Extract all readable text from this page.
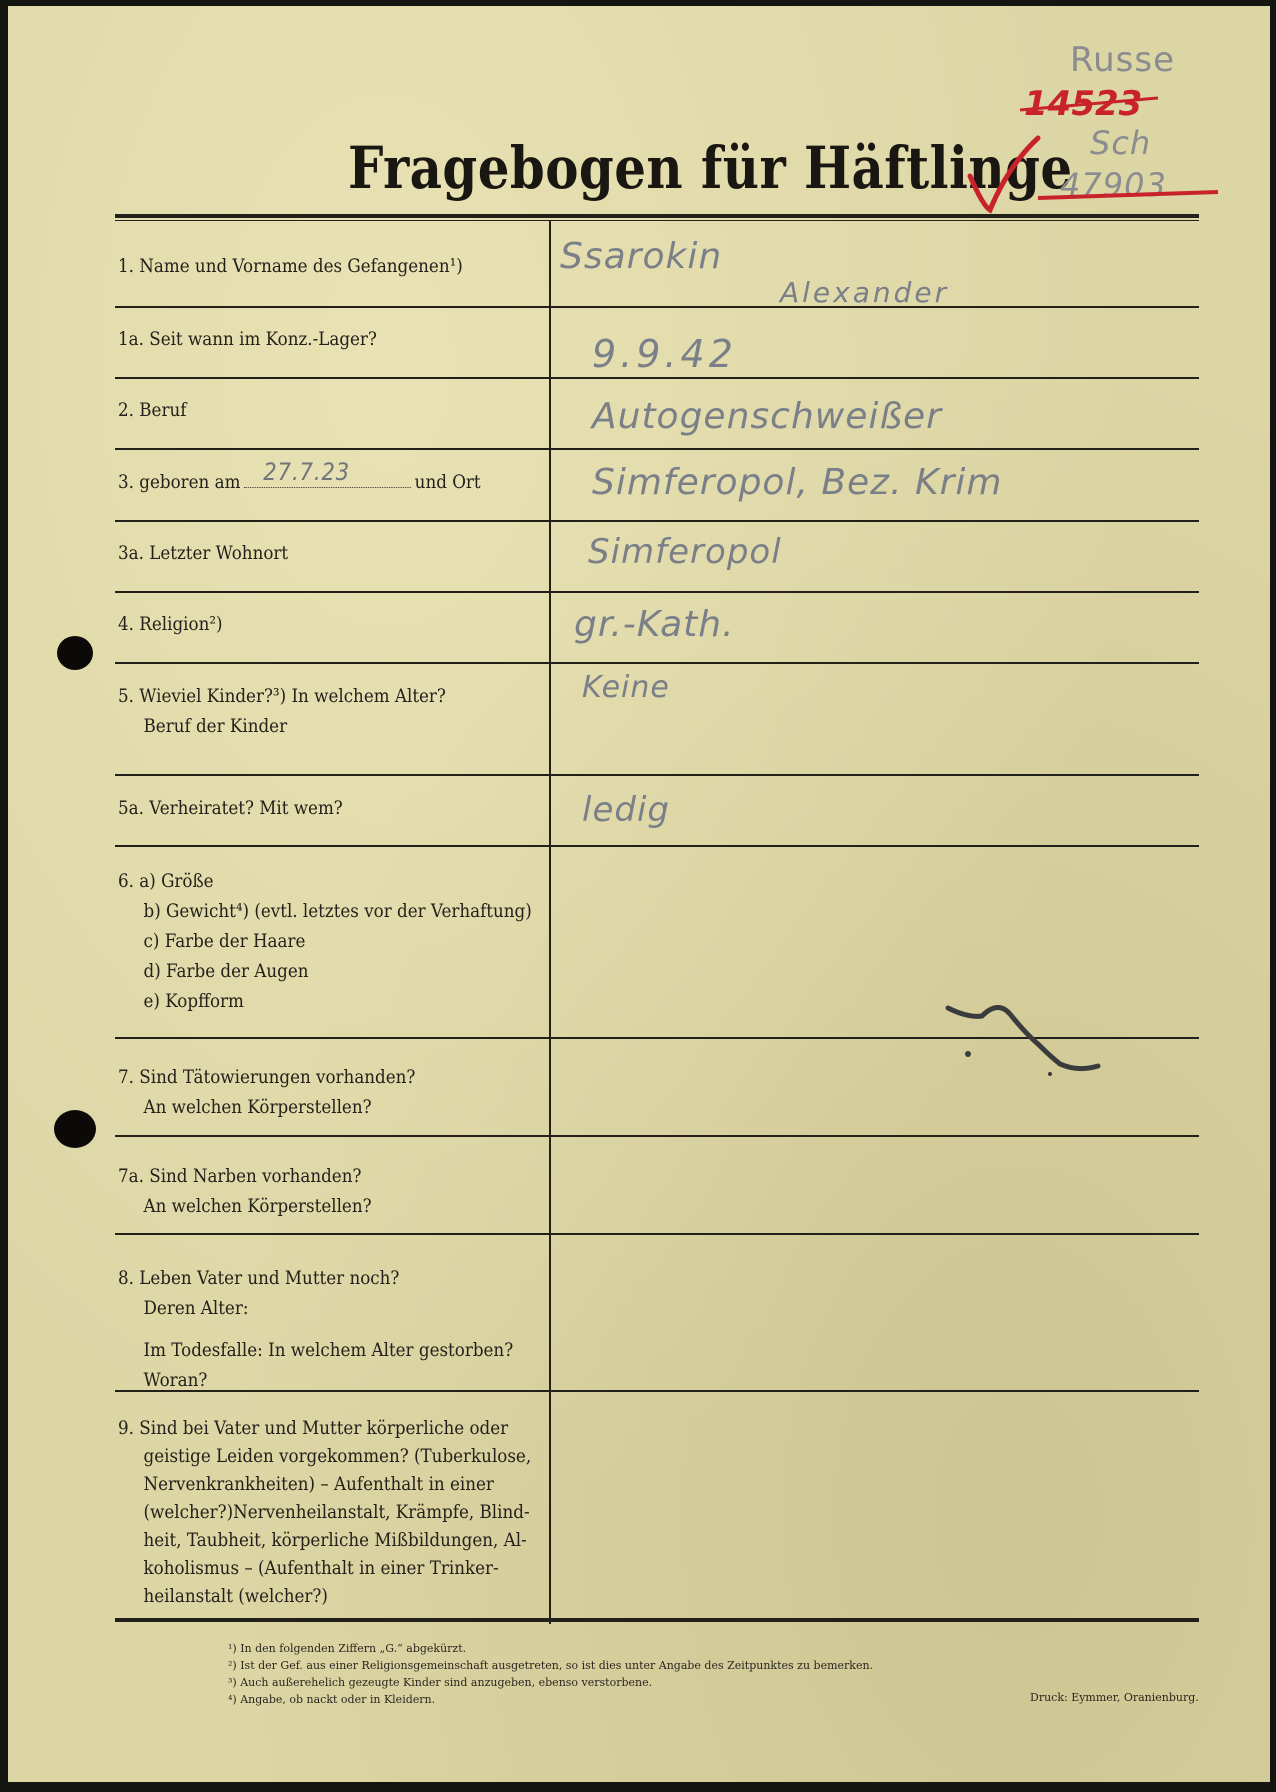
Fragebogen für Häftlinge
Russe
14523
Sch
47903
1. Name und Vorname des Gefangenen¹)
1a. Seit wann im Konz.-Lager?
2. Beruf
3. geboren am 27.7.23	und Ort
3a. Letzter Wohnort
4. Religion²)
5. Wieviel Kinder?³) In welchem Alter?
Beruf der Kinder
5a. Verheiratet? Mit wem?
6. a) Größe
b) Gewicht⁴) (evtl. letztes vor der Verhaftung)
c) Farbe der Haare
d) Farbe der Augen
e) Kopfform
7. Sind Tätowierungen vorhanden?
An welchen Körperstellen?
7a. Sind Narben vorhanden?
An welchen Körperstellen?
8. Leben Vater und Mutter noch?
Deren Alter:
Im Todesfalle: In welchem Alter gestorben?
Woran?
9. Sind bei Vater und Mutter körperliche oder
geistige Leiden vorgekommen? (Tuberkulose,
Nervenkrankheiten) – Aufenthalt in einer
(welcher?)Nervenheilanstalt, Krämpfe, Blind-
heit, Taubheit, körperliche Mißbildungen, Al-
koholismus – (Aufenthalt in einer Trinker-
heilanstalt (welcher?)
Ssarokin
Alexander
9.9.42
Autogenschweißer
Simferopol, Bez. Krim
Simferopol
gr.-Kath.
Keine
ledig
¹) In den folgenden Ziffern „G.“ abgekürzt.
²) Ist der Gef. aus einer Religionsgemeinschaft ausgetreten, so ist dies unter Angabe des Zeitpunktes zu bemerken.
³) Auch außerehelich gezeugte Kinder sind anzugeben, ebenso verstorbene.
⁴) Angabe, ob nackt oder in Kleidern.	Druck: Eymmer, Oranienburg.
